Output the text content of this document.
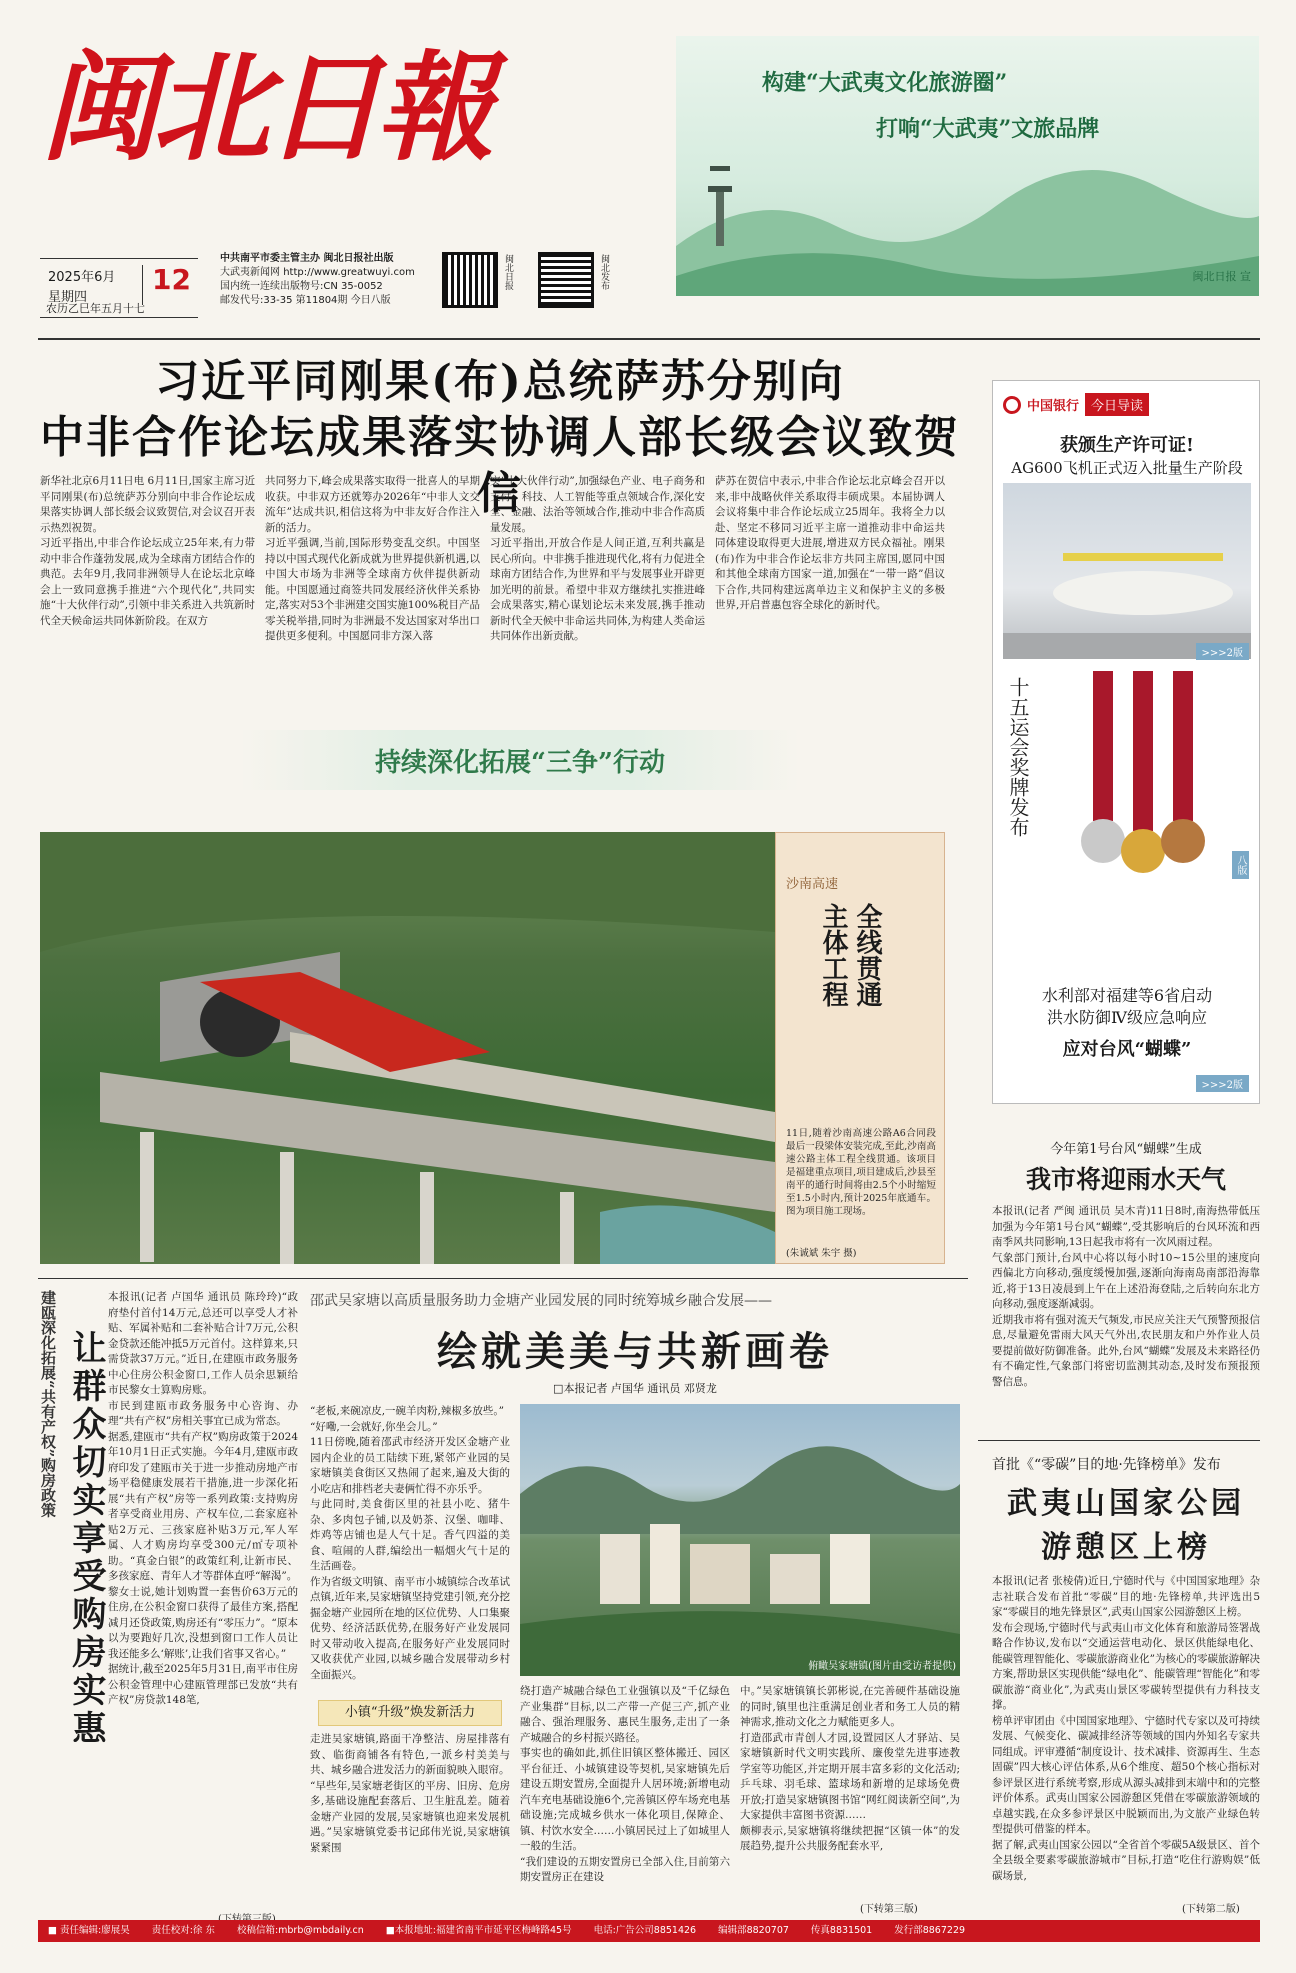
闽北日報
2025年6月
星期四
12
农历乙巳年五月十七
中共南平市委主管主办 闽北日报社出版
大武夷新闻网 http://www.greatwuyi.com
国内统一连续出版物号:CN 35-0052
邮发代号:33-35 第11804期 今日八版
闽北日报	闽北发布
构建“大武夷文化旅游圈”
打响“大武夷”文旅品牌
闽北日报 宣
习近平同刚果(布)总统萨苏分别向
中非合作论坛成果落实协调人部长级会议致贺信
新华社北京6月11日电 6月11日,国家主席习近平同刚果(布)总统萨苏分别向中非合作论坛成果落实协调人部长级会议致贺信,对会议召开表示热烈祝贺。
习近平指出,中非合作论坛成立25年来,有力带动中非合作蓬勃发展,成为全球南方团结合作的典范。去年9月,我同非洲领导人在论坛北京峰会上一致同意携手推进“六个现代化”,共同实施“十大伙伴行动”,引领中非关系进入共筑新时代全天候命运共同体新阶段。在双方
共同努力下,峰会成果落实取得一批喜人的早期收获。中非双方还就筹办2026年“中非人文交流年”达成共识,相信这将为中非友好合作注入新的活力。
习近平强调,当前,国际形势变乱交织。中国坚持以中国式现代化新成就为世界提供新机遇,以中国大市场为非洲等全球南方伙伴提供新动能。中国愿通过商签共同发展经济伙伴关系协定,落实对53个非洲建交国实施100%税目产品零关税举措,同时为非洲最不发达国家对华出口提供更多便利。中国愿同非方深入落
实“十大伙伴行动”,加强绿色产业、电子商务和支付、科技、人工智能等重点领域合作,深化安全、金融、法治等领域合作,推动中非合作高质量发展。
习近平指出,开放合作是人间正道,互利共赢是民心所向。中非携手推进现代化,将有力促进全球南方团结合作,为世界和平与发展事业开辟更加光明的前景。希望中非双方继续扎实推进峰会成果落实,精心谋划论坛未来发展,携手推动新时代全天候中非命运共同体,为构建人类命运共同体作出新贡献。
萨苏在贺信中表示,中非合作论坛北京峰会召开以来,非中战略伙伴关系取得丰硕成果。本届协调人会议将集中非合作论坛成立25周年。我将全力以赴、坚定不移同习近平主席一道推动非中命运共同体建设取得更大进展,增进双方民众福祉。刚果(布)作为中非合作论坛非方共同主席国,愿同中国和其他全球南方国家一道,加强在“一带一路”倡议下合作,共同构建远离单边主义和保护主义的多极世界,开启普惠包容全球化的新时代。
持续深化拓展“三争”行动
沙南高速
全线贯通
主体工程
11日,随着沙南高速公路A6合同段最后一段梁体安装完成,至此,沙南高速公路主体工程全线贯通。该项目是福建重点项目,项目建成后,沙县至南平的通行时间将由2.5个小时缩短至1.5小时内,预计2025年底通车。图为项目施工现场。
(朱诚斌 朱宇 摄)
中国银行 今日导读
获颁生产许可证!
AG600飞机正式迈入批量生产阶段
>>>2版
十五运会奖牌发布
八版
水利部对福建等6省启动
洪水防御Ⅳ级应急响应
应对台风“蝴蝶”
>>>2版
今年第1号台风“蝴蝶”生成
我市将迎雨水天气
本报讯(记者 严闽 通讯员 吴木青)11日8时,南海热带低压加强为今年第1号台风“蝴蝶”,受其影响后的台风环流和西南季风共同影响,13日起我市将有一次风雨过程。
气象部门预计,台风中心将以每小时10~15公里的速度向西偏北方向移动,强度缓慢加强,逐渐向海南岛南部沿海靠近,将于13日凌晨到上午在上述沿海登陆,之后转向东北方向移动,强度逐渐减弱。
近期我市将有强对流天气频发,市民应关注天气预警预报信息,尽量避免雷雨大风天气外出,农民朋友和户外作业人员要提前做好防御准备。此外,台风“蝴蝶”发展及未来路径仍有不确定性,气象部门将密切监测其动态,及时发布预报预警信息。
建瓯深化拓展“共有产权”购房政策 让群众切实享受购房实惠
本报讯(记者 卢国华 通讯员 陈玲玲)“政府垫付首付14万元,总还可以享受人才补贴、军属补贴和二套补贴合计7万元,公积金贷款还能冲抵5万元首付。这样算来,只需贷款37万元。”近日,在建瓯市政务服务中心住房公积金窗口,工作人员余思颖给市民黎女士算购房账。
市民到建瓯市政务服务中心咨询、办理“共有产权”房相关事宜已成为常态。
据悉,建瓯市“共有产权”购房政策于2024年10月1日正式实施。今年4月,建瓯市政府印发了建瓯市关于进一步推动房地产市场平稳健康发展若干措施,进一步深化拓展“共有产权”房等一系列政策:支持购房者享受商业用房、产权车位,二套家庭补贴2万元、三孩家庭补贴3万元,军人军属、人才购房均享受300元/㎡专项补助。“真金白银”的政策红利,让新市民、多孩家庭、青年人才等群体直呼“解渴”。
黎女士说,她计划购置一套售价63万元的住房,在公积金窗口获得了最佳方案,搭配减月还贷政策,购房还有“零压力”。“原本以为要跑好几次,没想到窗口工作人员让我还能多么‘解账’,让我们省事又省心。”
据统计,截至2025年5月31日,南平市住房公积金管理中心建瓯管理部已发放“共有产权”房贷款148笔,
邵武吴家塘以高质量服务助力金塘产业园发展的同时统筹城乡融合发展——
绘就美美与共新画卷
□本报记者 卢国华 通讯员 邓贤龙
“老板,来碗凉皮,一碗羊肉粉,辣椒多放些。”
“好嘞,一会就好,你坐会儿。”
11日傍晚,随着邵武市经济开发区金塘产业园内企业的员工陆续下班,紧邻产业园的吴家塘镇美食街区又热闹了起来,遍及大街的小吃店和排档老夫妻俩忙得不亦乐乎。
与此同时,美食街区里的社县小吃、猪牛杂、多肉包子铺,以及奶茶、汉堡、咖啡、炸鸡等店铺也是人气十足。香气四溢的美食、喧闹的人群,编绘出一幅烟火气十足的生活画卷。
作为省级文明镇、南平市小城镇综合改革试点镇,近年来,吴家塘镇坚持党建引领,充分挖掘金塘产业园所在地的区位优势、人口集聚优势、经济活跃优势,在服务好产业发展同时又带动收入提高,在服务好产业发展同时又收获优产业园,以城乡融合发展带动乡村全面振兴。
小镇“升级”焕发新活力
走进吴家塘镇,路面干净整洁、房屋排落有致、临街商铺各有特色,一派乡村美美与共、城乡融合进发活力的新面貌映入眼帘。
“早些年,吴家塘老街区的平房、旧房、危房多,基础设施配套落后、卫生脏乱差。随着金塘产业园的发展,吴家塘镇也迎来发展机遇。”吴家塘镇党委书记邱伟光说,吴家塘镇紧紧围
俯瞰吴家塘镇(图片由受访者提供)
绕打造产城融合绿色工业强镇以及“千亿绿色产业集群”目标,以二产带一产促三产,抓产业融合、强治理服务、惠民生服务,走出了一条产城融合的乡村振兴路径。
事实也的确如此,抓住旧镇区整体搬迁、园区平台征迁、小城镇建设等契机,吴家塘镇先后建设五期安置房,全面提升人居环境;新增电动汽车充电基础设施6个,完善镇区停车场充电基础设施;完成城乡供水一体化项目,保障企、镇、村饮水安全……小镇居民过上了如城里人一般的生活。
“我们建设的五期安置房已全部入住,目前第六期安置房正在建设
中。”吴家塘镇镇长郭彬说,在完善硬件基础设施的同时,镇里也注重满足创业者和务工人员的精神需求,推动文化之力赋能更多人。
打造邵武市青创人才园,设置园区人才驿站、吴家塘镇新时代文明实践所、廉俊堂先进事迹教学室等功能区,并定期开展丰富多彩的文化活动;乒乓球、羽毛球、篮球场和新增的足球场免费开放;打造吴家塘镇图书馆“网红阅读新空间”,为大家提供丰富图书资源……
颇柳表示,吴家塘镇将继续把握“区镇一体”的发展趋势,提升公共服务配套水平,
(下转第三版)
首批《“零碳”目的地·先锋榜单》发布
武夷山国家公园
游憩区上榜
本报讯(记者 张棱倩)近日,宁德时代与《中国国家地理》杂志社联合发布首批“零碳”目的地·先锋榜单,共评选出5家“零碳目的地先锋景区”,武夷山国家公园游憩区上榜。
发布会现场,宁德时代与武夷山市文化体育和旅游局签署战略合作协议,发布以“交通运营电动化、景区供能绿电化、能碳管理智能化、零碳旅游商业化”为核心的零碳旅游解决方案,帮助景区实现供能“绿电化”、能碳管理“智能化”和零碳旅游“商业化”,为武夷山景区零碳转型提供有力科技支撑。
榜单评审团由《中国国家地理》、宁德时代专家以及可持续发展、气候变化、碳减排经济等领域的国内外知名专家共同组成。评审遵循“制度设计、技术减排、资源再生、生态固碳”四大核心评估体系,从6个维度、超50个核心指标对参评景区进行系统考察,形成从源头减排到末端中和的完整评价体系。武夷山国家公园游憩区凭借在零碳旅游领域的卓越实践,在众多参评景区中脱颖而出,为文旅产业绿色转型提供可借鉴的样本。
据了解,武夷山国家公园以“全省首个零碳5A级景区、首个全县级全要素零碳旅游城市”目标,打造“吃住行游购娱”低碳场景,
(下转第二版)
■ 责任编辑:廖展昊 责任校对:徐 东 校稿信箱:mbrb@mbdaily.cn ■本报地址:福建省南平市延平区梅峰路45号 电话:广告公司8851426 编辑部8820707 传真8831501 发行部8867229
